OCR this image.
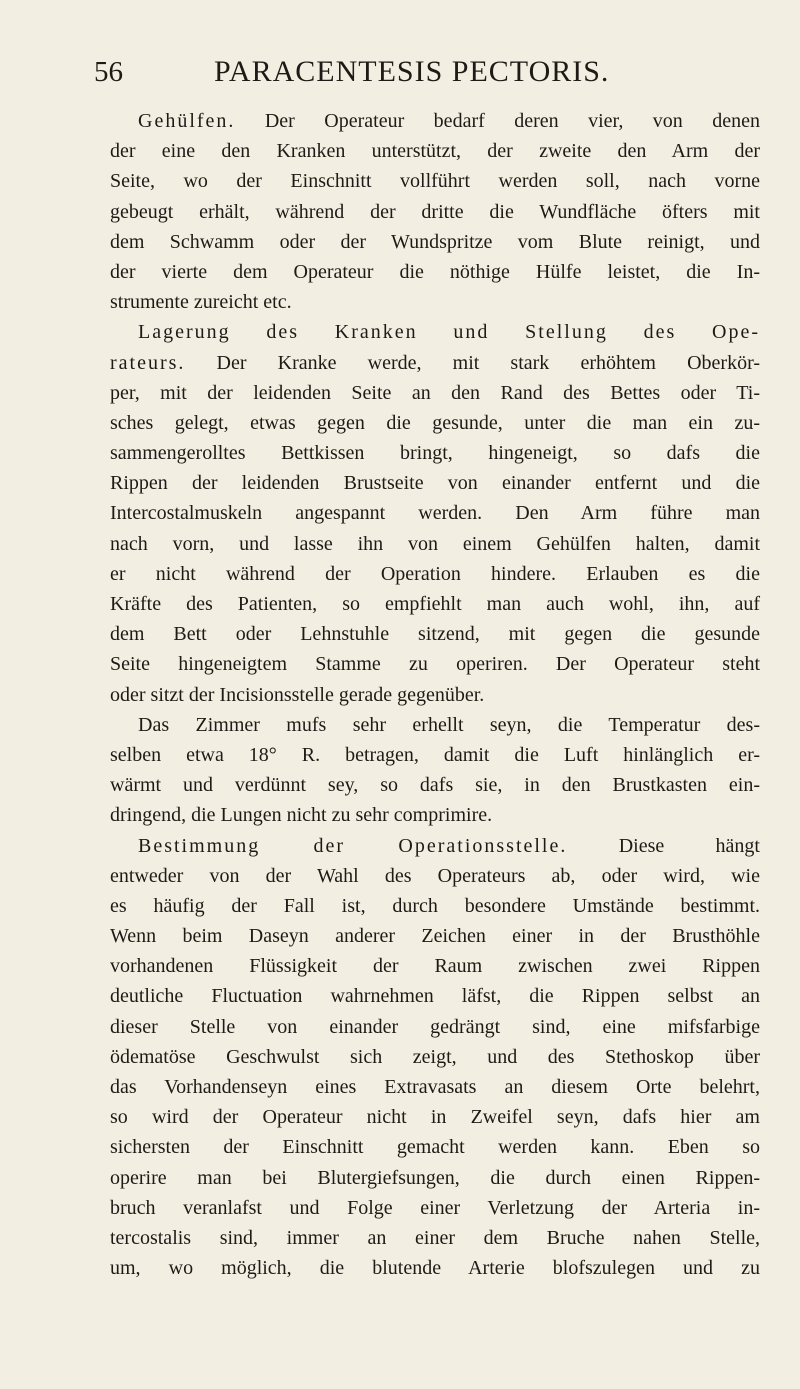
56	PARACENTESIS PECTORIS.
Gehülfen. Der Operateur bedarf deren vier, von denen
der eine den Kranken unterstützt, der zweite den Arm der
Seite, wo der Einschnitt vollführt werden soll, nach vorne
gebeugt erhält, während der dritte die Wundfläche öfters mit
dem Schwamm oder der Wundspritze vom Blute reinigt, und
der vierte dem Operateur die nöthige Hülfe leistet, die In-
strumente zureicht etc.
Lagerung des Kranken und Stellung des Ope-
rateurs. Der Kranke werde, mit stark erhöhtem Oberkör-
per, mit der leidenden Seite an den Rand des Bettes oder Ti-
sches gelegt, etwas gegen die gesunde, unter die man ein zu-
sammengerolltes Bettkissen bringt, hingeneigt, so dafs die
Rippen der leidenden Brustseite von einander entfernt und die
Intercostalmuskeln angespannt werden. Den Arm führe man
nach vorn, und lasse ihn von einem Gehülfen halten, damit
er nicht während der Operation hindere. Erlauben es die
Kräfte des Patienten, so empfiehlt man auch wohl, ihn, auf
dem Bett oder Lehnstuhle sitzend, mit gegen die gesunde
Seite hingeneigtem Stamme zu operiren. Der Operateur steht
oder sitzt der Incisionsstelle gerade gegenüber.
Das Zimmer mufs sehr erhellt seyn, die Temperatur des-
selben etwa 18° R. betragen, damit die Luft hinlänglich er-
wärmt und verdünnt sey, so dafs sie, in den Brustkasten ein-
dringend, die Lungen nicht zu sehr comprimire.
Bestimmung der Operationsstelle. Diese hängt
entweder von der Wahl des Operateurs ab, oder wird, wie
es häufig der Fall ist, durch besondere Umstände bestimmt.
Wenn beim Daseyn anderer Zeichen einer in der Brusthöhle
vorhandenen Flüssigkeit der Raum zwischen zwei Rippen
deutliche Fluctuation wahrnehmen läfst, die Rippen selbst an
dieser Stelle von einander gedrängt sind, eine mifsfarbige
ödematöse Geschwulst sich zeigt, und des Stethoskop über
das Vorhandenseyn eines Extravasats an diesem Orte belehrt,
so wird der Operateur nicht in Zweifel seyn, dafs hier am
sichersten der Einschnitt gemacht werden kann. Eben so
operire man bei Blutergiefsungen, die durch einen Rippen-
bruch veranlafst und Folge einer Verletzung der Arteria in-
tercostalis sind, immer an einer dem Bruche nahen Stelle,
um, wo möglich, die blutende Arterie blofszulegen und zu
